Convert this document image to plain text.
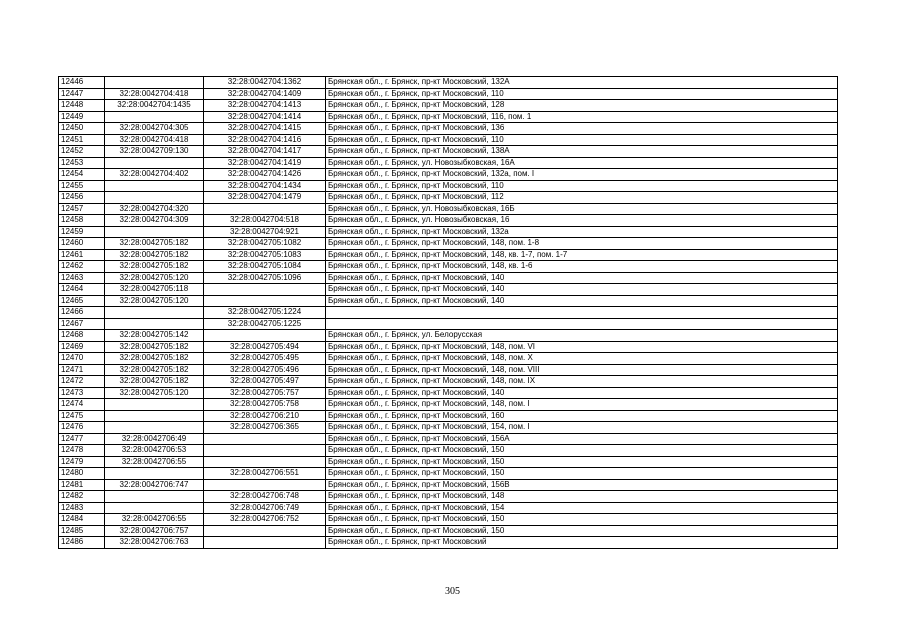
12446		32:28:0042704:1362	Брянская обл., г. Брянск, пр-кт Московский, 132А
12447	32:28:0042704:418	32:28:0042704:1409	Брянская обл., г. Брянск, пр-кт Московский, 110
12448	32:28:0042704:1435	32:28:0042704:1413	Брянская обл., г. Брянск, пр-кт Московский, 128
12449		32:28:0042704:1414	Брянская обл., г. Брянск, пр-кт Московский, 116, пом. 1
12450	32:28:0042704:305	32:28:0042704:1415	Брянская обл., г. Брянск, пр-кт Московский, 136
12451	32:28:0042704:418	32:28:0042704:1416	Брянская обл., г. Брянск, пр-кт Московский, 110
12452	32:28:0042709:130	32:28:0042704:1417	Брянская обл., г. Брянск, пр-кт Московский, 138А
12453		32:28:0042704:1419	Брянская обл., г. Брянск, ул. Новозыбковская, 16А
12454	32:28:0042704:402	32:28:0042704:1426	Брянская обл., г. Брянск, пр-кт Московский, 132а, пом. I
12455		32:28:0042704:1434	Брянская обл., г. Брянск, пр-кт Московский, 110
12456		32:28:0042704:1479	Брянская обл., г. Брянск, пр-кт Московский, 112
12457	32:28:0042704:320		Брянская обл., г. Брянск, ул. Новозыбковская, 16Б
12458	32:28:0042704:309	32:28:0042704:518	Брянская обл., г. Брянск, ул. Новозыбковская, 16
12459		32:28:0042704:921	Брянская обл., г. Брянск, пр-кт Московский, 132а
12460	32:28:0042705:182	32:28:0042705:1082	Брянская обл., г. Брянск, пр-кт Московский, 148, пом. 1-8
12461	32:28:0042705:182	32:28:0042705:1083	Брянская обл., г. Брянск, пр-кт Московский, 148, кв. 1-7, пом. 1-7
12462	32:28:0042705:182	32:28:0042705:1084	Брянская обл., г. Брянск, пр-кт Московский, 148, кв. 1-6
12463	32:28:0042705:120	32:28:0042705:1096	Брянская обл., г. Брянск, пр-кт Московский, 140
12464	32:28:0042705:118		Брянская обл., г. Брянск, пр-кт Московский, 140
12465	32:28:0042705:120		Брянская обл., г. Брянск, пр-кт Московский, 140
12466		32:28:0042705:1224	
12467		32:28:0042705:1225	
12468	32:28:0042705:142		Брянская обл., г. Брянск, ул. Белорусская
12469	32:28:0042705:182	32:28:0042705:494	Брянская обл., г. Брянск, пр-кт Московский, 148, пом. VI
12470	32:28:0042705:182	32:28:0042705:495	Брянская обл., г. Брянск, пр-кт Московский, 148, пом. X
12471	32:28:0042705:182	32:28:0042705:496	Брянская обл., г. Брянск, пр-кт Московский, 148, пом. VIII
12472	32:28:0042705:182	32:28:0042705:497	Брянская обл., г. Брянск, пр-кт Московский, 148, пом. IX
12473	32:28:0042705:120	32:28:0042705:757	Брянская обл., г. Брянск, пр-кт Московский, 140
12474		32:28:0042705:758	Брянская обл., г. Брянск, пр-кт Московский, 148, пом. I
12475		32:28:0042706:210	Брянская обл., г. Брянск, пр-кт Московский, 160
12476		32:28:0042706:365	Брянская обл., г. Брянск, пр-кт Московский, 154, пом. I
12477	32:28:0042706:49		Брянская обл., г. Брянск, пр-кт Московский, 156А
12478	32:28:0042706:53		Брянская обл., г. Брянск, пр-кт Московский, 150
12479	32:28:0042706:55		Брянская обл., г. Брянск, пр-кт Московский, 150
12480		32:28:0042706:551	Брянская обл., г. Брянск, пр-кт Московский, 150
12481	32:28:0042706:747		Брянская обл., г. Брянск, пр-кт Московский, 156В
12482		32:28:0042706:748	Брянская обл., г. Брянск, пр-кт Московский, 148
12483		32:28:0042706:749	Брянская обл., г. Брянск, пр-кт Московский, 154
12484	32:28:0042706:55	32:28:0042706:752	Брянская обл., г. Брянск, пр-кт Московский, 150
12485	32:28:0042706:757		Брянская обл., г. Брянск, пр-кт Московский, 150
12486	32:28:0042706:763		Брянская обл., г. Брянск, пр-кт Московский
305
